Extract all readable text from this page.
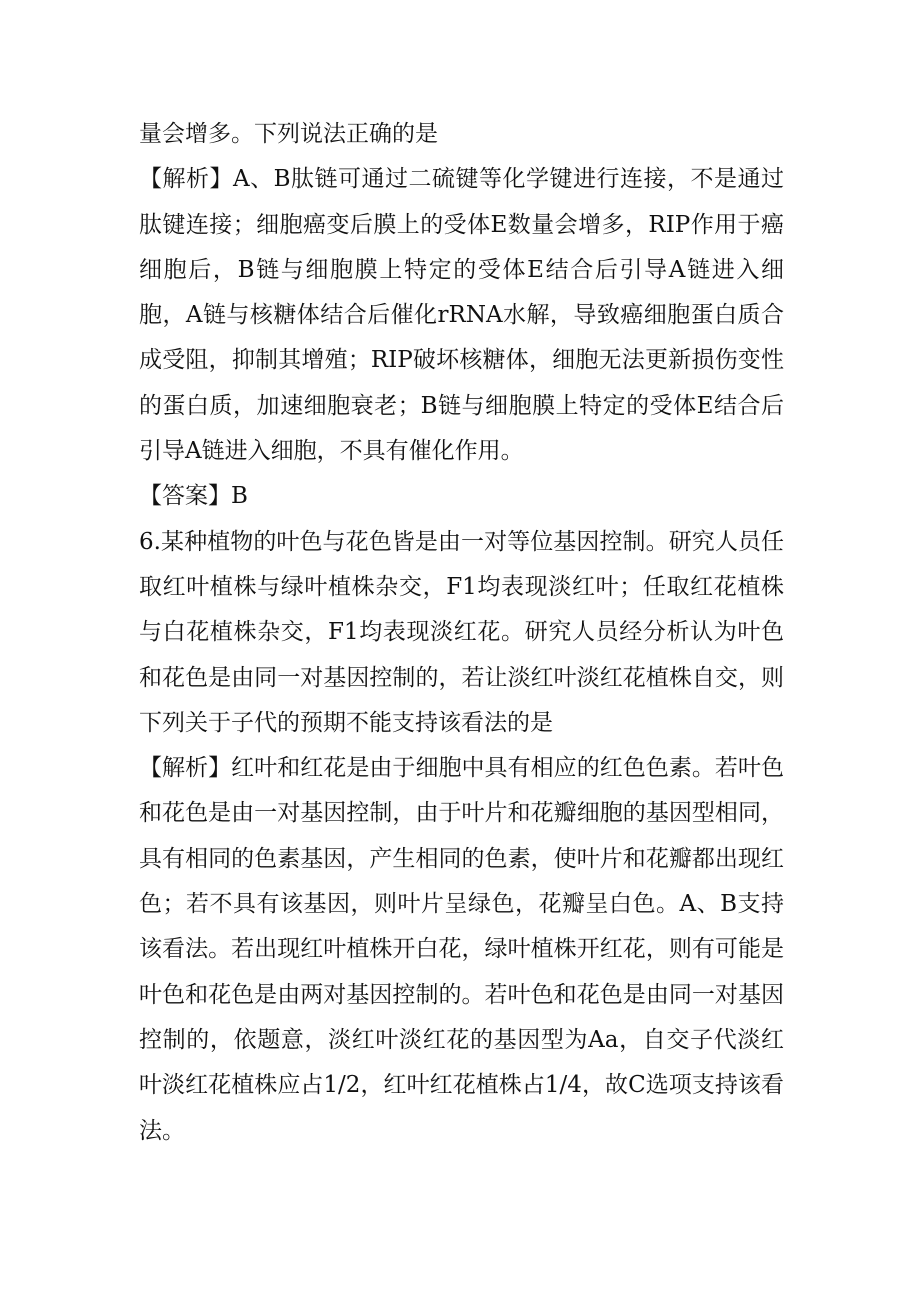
量会增多。下列说法正确的是

【解析】A、B肽链可通过二硫键等化学键进行连接，不是通过肽键连接；细胞癌变后膜上的受体E数量会增多，RIP作用于癌细胞后，B链与细胞膜上特定的受体E结合后引导A链进入细胞，A链与核糖体结合后催化rRNA水解，导致癌细胞蛋白质合成受阻，抑制其增殖；RIP破坏核糖体，细胞无法更新损伤变性的蛋白质，加速细胞衰老；B链与细胞膜上特定的受体E结合后引导A链进入细胞，不具有催化作用。

【答案】B

6.某种植物的叶色与花色皆是由一对等位基因控制。研究人员任取红叶植株与绿叶植株杂交，F1均表现淡红叶；任取红花植株与白花植株杂交，F1均表现淡红花。研究人员经分析认为叶色和花色是由同一对基因控制的，若让淡红叶淡红花植株自交，则下列关于子代的预期不能支持该看法的是

【解析】红叶和红花是由于细胞中具有相应的红色色素。若叶色和花色是由一对基因控制，由于叶片和花瓣细胞的基因型相同，具有相同的色素基因，产生相同的色素，使叶片和花瓣都出现红色；若不具有该基因，则叶片呈绿色，花瓣呈白色。A、B支持该看法。若出现红叶植株开白花，绿叶植株开红花，则有可能是叶色和花色是由两对基因控制的。若叶色和花色是由同一对基因控制的，依题意，淡红叶淡红花的基因型为Aa，自交子代淡红叶淡红花植株应占1/2，红叶红花植株占1/4，故C选项支持该看法。
